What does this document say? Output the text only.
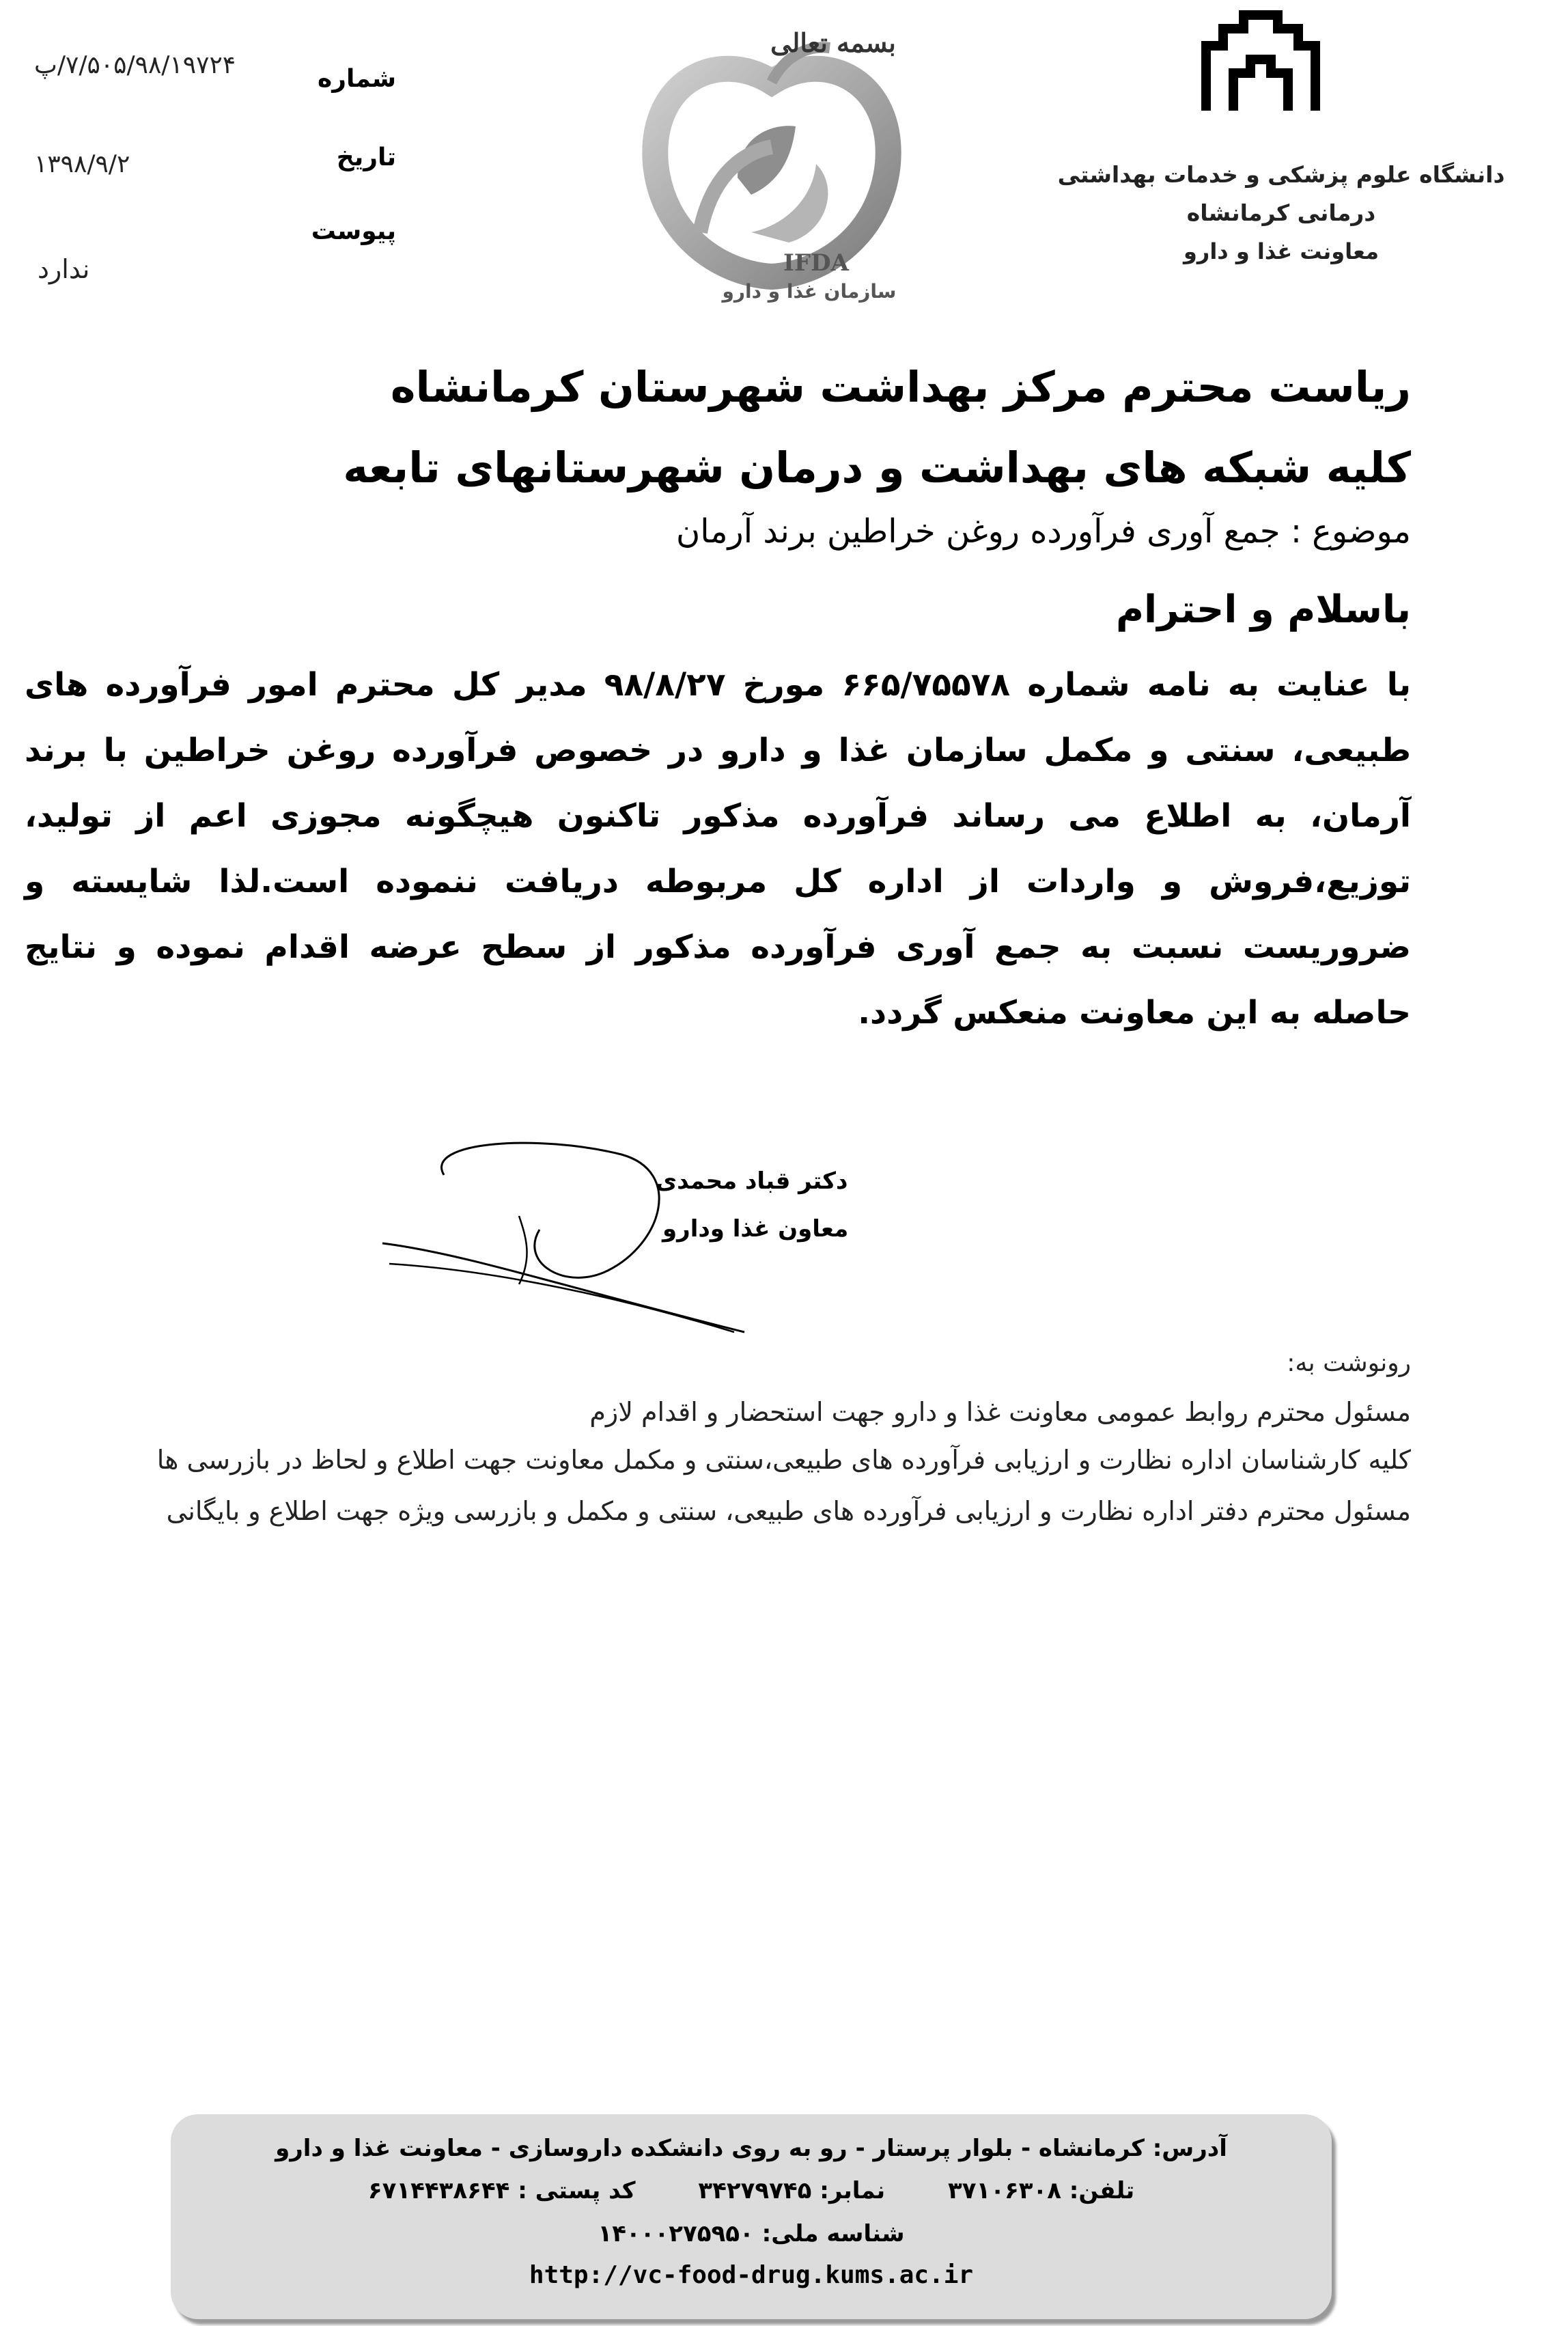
دانشگاه علوم پزشکی و خدمات بهداشتی درمانی کرمانشاه
معاونت غذا و دارو
بسمه تعالی
IFDA
سازمان غذا و دارو
شماره
تاریخ
پیوست
۷/۵۰۵/۹۸/۱۹۷۲۴/پ
۱۳۹۸/۹/۲
ندارد
ریاست محترم مرکز بهداشت شهرستان کرمانشاه
کلیه شبکه های بهداشت و درمان شهرستانهای تابعه
موضوع : جمع آوری فرآورده روغن خراطین برند آرمان
باسلام و احترام
با عنایت به نامه شماره ۶۶۵/۷۵۵۷۸ مورخ ۹۸/۸/۲۷ مدیر کل محترم امور فرآورده های طبیعی، سنتی و مکمل سازمان غذا و دارو در خصوص فرآورده روغن خراطین با برند آرمان، به اطلاع می رساند فرآورده مذکور تاکنون هیچگونه مجوزی اعم از تولید، توزیع،فروش و واردات از اداره کل مربوطه دریافت ننموده است.لذا شایسته و ضروریست نسبت به جمع آوری فرآورده مذکور از سطح عرضه اقدام نموده و نتایج حاصله به این معاونت منعکس گردد.
دکتر قباد محمدی
معاون غذا ودارو
رونوشت به:
مسئول محترم روابط عمومی معاونت غذا و دارو جهت استحضار و اقدام لازم
کلیه کارشناسان اداره نظارت و ارزیابی فرآورده های طبیعی،سنتی و مکمل معاونت جهت اطلاع و لحاظ در بازرسی ها
مسئول محترم دفتر اداره نظارت و ارزیابی فرآورده های طبیعی، سنتی و مکمل و بازرسی ویژه جهت اطلاع و بایگانی
آدرس: کرمانشاه - بلوار پرستار - رو به روی دانشکده داروسازی - معاونت غذا و دارو
تلفن: ۳۷۱۰۶۳۰۸ نمابر: ۳۴۲۷۹۷۴۵ کد پستی : ۶۷۱۴۴۳۸۶۴۴
شناسه ملی: ۱۴۰۰۰۲۷۵۹۵۰
http://vc-food-drug.kums.ac.ir
